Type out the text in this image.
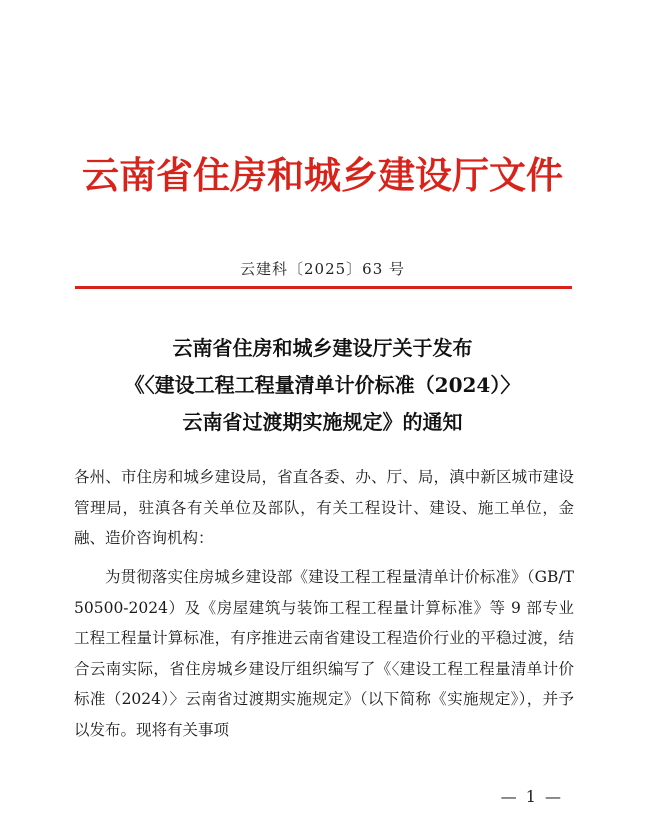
云南省住房和城乡建设厅文件
云建科〔2025〕63 号
云南省住房和城乡建设厅关于发布
《〈建设工程工程量清单计价标准（2024）〉
云南省过渡期实施规定》的通知

各州、市住房和城乡建设局，省直各委、办、厅、局，滇中新区城市建设管理局，驻滇各有关单位及部队，有关工程设计、建设、施工单位，金融、造价咨询机构：

为贯彻落实住房城乡建设部《建设工程工程量清单计价标准》（GB/T 50500-2024）及《房屋建筑与装饰工程工程量计算标准》等 9 部专业工程工程量计算标准，有序推进云南省建设工程造价行业的平稳过渡，结合云南实际，省住房城乡建设厅组织编写了《〈建设工程工程量清单计价标准（2024）〉云南省过渡期实施规定》（以下简称《实施规定》），并予以发布。现将有关事项

— 1 —
